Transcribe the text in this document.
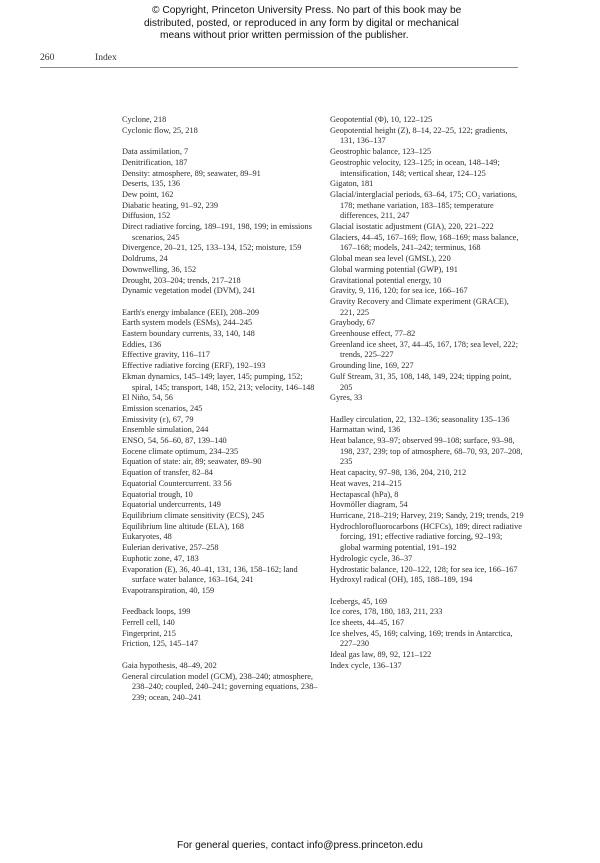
© Copyright, Princeton University Press. No part of this book may be
distributed, posted, or reproduced in any form by digital or mechanical
means without prior written permission of the publisher.
260	Index
Cyclone, 218
Cyclonic flow, 25, 218
Data assimilation, 7
Denitrification, 187
Density: atmosphere, 89; seawater, 89–91
Deserts, 135, 136
Dew point, 162
Diabatic heating, 91–92, 239
Diffusion, 152
Direct radiative forcing, 189–191, 198, 199; in emissions scenarios, 245
Divergence, 20–21, 125, 133–134, 152; moisture, 159
Doldrums, 24
Downwelling, 36, 152
Drought, 203–204; trends, 217–218
Dynamic vegetation model (DVM), 241
Earth's energy imbalance (EEI), 208–209
Earth system models (ESMs), 244–245
Eastern boundary currents, 33, 140, 148
Eddies, 136
Effective gravity, 116–117
Effective radiative forcing (ERF), 192–193
Ekman dynamics, 145–149; layer, 145; pumping, 152; spiral, 145; transport, 148, 152, 213; velocity, 146–148
El Niño, 54, 56
Emission scenarios, 245
Emissivity (ε), 67, 79
Ensemble simulation, 244
ENSO, 54, 56–60, 87, 139–140
Eocene climate optimum, 234–235
Equation of state: air, 89; seawater, 89–90
Equation of transfer, 82–84
Equatorial Countercurrent. 33 56
Equatorial trough, 10
Equatorial undercurrents, 149
Equilibrium climate sensitivity (ECS), 245
Equilibrium line altitude (ELA), 168
Eukaryotes, 48
Eulerian derivative, 257–258
Euphotic zone, 47, 183
Evaporation (E), 36, 40–41, 131, 136, 158–162; land surface water balance, 163–164, 241
Evapotranspiration, 40, 159
Feedback loops, 199
Ferrell cell, 140
Fingerprint, 215
Friction, 125, 145–147
Gaia hypothesis, 48–49, 202
General circulation model (GCM), 238–240; atmosphere, 238–240; coupled, 240–241; governing equations, 238–239; ocean, 240–241
Geopotential (Φ), 10, 122–125
Geopotential height (Z), 8–14, 22–25, 122; gradients, 131, 136–137
Geostrophic balance, 123–125
Geostrophic velocity, 123–125; in ocean, 148–149; intensification, 148; vertical shear, 124–125
Gigaton, 181
Glacial/interglacial periods, 63–64, 175; CO₂ variations, 178; methane variation, 183–185; temperature differences, 211, 247
Glacial isostatic adjustment (GIA), 220, 221–222
Glaciers, 44–45, 167–169; flow, 168–169; mass balance, 167–168; models, 241–242; terminus, 168
Global mean sea level (GMSL), 220
Global warming potential (GWP), 191
Gravitational potential energy, 10
Gravity, 9, 116, 120; for sea ice, 166–167
Gravity Recovery and Climate experiment (GRACE), 221, 225
Graybody, 67
Greenhouse effect, 77–82
Greenland ice sheet, 37, 44–45, 167, 178; sea level, 222; trends, 225–227
Grounding line, 169, 227
Gulf Stream, 31, 35, 108, 148, 149, 224; tipping point, 205
Gyres, 33
Hadley circulation, 22, 132–136; seasonality 135–136
Harmattan wind, 136
Heat balance, 93–97; observed 99–108; surface, 93–98, 198, 237, 239; top of atmosphere, 68–70, 93, 207–208, 235
Heat capacity, 97–98, 136, 204, 210, 212
Heat waves, 214–215
Hectapascal (hPa), 8
Hovmöller diagram, 54
Hurricane, 218–219; Harvey, 219; Sandy, 219; trends, 219
Hydrochlorofluorocarbons (HCFCs), 189; direct radiative forcing, 191; effective radiative forcing, 92–193; global warming potential, 191–192
Hydrologic cycle, 36–37
Hydrostatic balance, 120–122, 128; for sea ice, 166–167
Hydroxyl radical (OH), 185, 188–189, 194
Icebergs, 45, 169
Ice cores, 178, 180, 183, 211, 233
Ice sheets, 44–45, 167
Ice shelves, 45, 169; calving, 169; trends in Antarctica, 227–230
Ideal gas law, 89, 92, 121–122
Index cycle, 136–137
For general queries, contact info@press.princeton.edu
